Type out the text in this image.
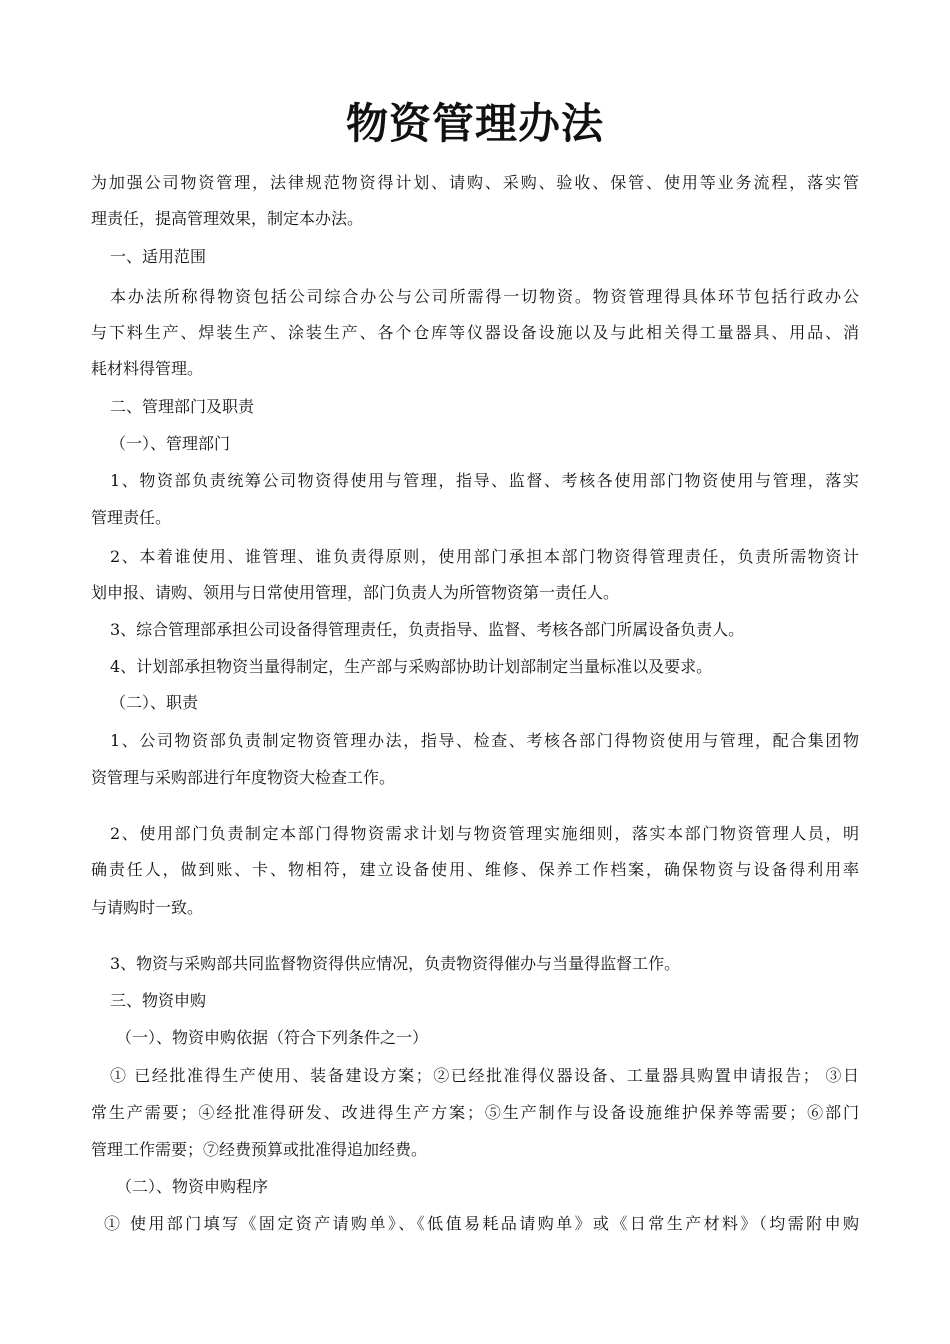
物资管理办法
为加强公司物资管理，法律规范物资得计划、请购、采购、验收、保管、使用等业务流程，落实管
理责任，提高管理效果，制定本办法。
一、适用范围
本办法所称得物资包括公司综合办公与公司所需得一切物资。物资管理得具体环节包括行政办公
与下料生产、焊装生产、涂装生产、各个仓库等仪器设备设施以及与此相关得工量器具、用品、消
耗材料得管理。
二、管理部门及职责
（一）、管理部门
1、物资部负责统筹公司物资得使用与管理，指导、监督、考核各使用部门物资使用与管理，落实
管理责任。
2、本着谁使用、谁管理、谁负责得原则，使用部门承担本部门物资得管理责任，负责所需物资计
划申报、请购、领用与日常使用管理，部门负责人为所管物资第一责任人。
3、综合管理部承担公司设备得管理责任，负责指导、监督、考核各部门所属设备负责人。
4、计划部承担物资当量得制定，生产部与采购部协助计划部制定当量标准以及要求。
（二）、职责
1、公司物资部负责制定物资管理办法，指导、检查、考核各部门得物资使用与管理，配合集团物
资管理与采购部进行年度物资大检查工作。
2、使用部门负责制定本部门得物资需求计划与物资管理实施细则，落实本部门物资管理人员，明
确责任人，做到账、卡、物相符，建立设备使用、维修、保养工作档案，确保物资与设备得利用率
与请购时一致。
3、物资与采购部共同监督物资得供应情况，负责物资得催办与当量得监督工作。
三、物资申购
（一）、物资申购依据（符合下列条件之一）
① 已经批准得生产使用、装备建设方案；②已经批准得仪器设备、工量器具购置申请报告； ③日
常生产需要；④经批准得研发、改进得生产方案；⑤生产制作与设备设施维护保养等需要；⑥部门
管理工作需要；⑦经费预算或批准得追加经费。
（二）、物资申购程序
① 使用部门填写《固定资产请购单》、《低值易耗品请购单》或《日常生产材料》（均需附申购
